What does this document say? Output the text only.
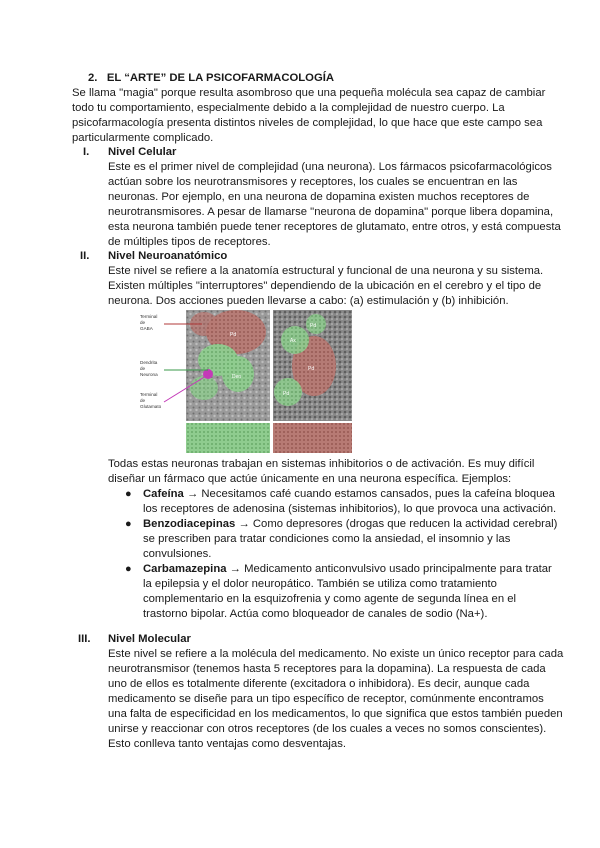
2. EL “ARTE” DE LA PSICOFARMACOLOGÍA
Se llama "magia" porque resulta asombroso que una pequeña molécula sea capaz de cambiar
todo tu comportamiento, especialmente debido a la complejidad de nuestro cuerpo. La
psicofarmacología presenta distintos niveles de complejidad, lo que hace que este campo sea
particularmente complicado.
I. Nivel Celular
Este es el primer nivel de complejidad (una neurona). Los fármacos psicofarmacológicos
actúan sobre los neurotransmisores y receptores, los cuales se encuentran en las
neuronas. Por ejemplo, en una neurona de dopamina existen muchos receptores de
neurotransmisores. A pesar de llamarse "neurona de dopamina" porque libera dopamina,
esta neurona también puede tener receptores de glutamato, entre otros, y está compuesta
de múltiples tipos de receptores.
II. Nivel Neuroanatómico
Este nivel se refiere a la anatomía estructural y funcional de una neurona y su sistema.
Existen múltiples "interruptores" dependiendo de la ubicación en el cerebro y el tipo de
neurona. Dos acciones pueden llevarse a cabo: (a) estimulación y (b) inhibición.
Terminal
de
GABA
Dendrita
de
Neurona
Terminal
de
Glutamato
Pd
Pd
Den
Ax
Pd
Pd
Todas estas neuronas trabajan en sistemas inhibitorios o de activación. Es muy difícil
diseñar un fármaco que actúe únicamente en una neurona específica. Ejemplos:
● Cafeína → Necesitamos café cuando estamos cansados, pues la cafeína bloquea
los receptores de adenosina (sistemas inhibitorios), lo que provoca una activación.
● Benzodiacepinas → Como depresores (drogas que reducen la actividad cerebral)
se prescriben para tratar condiciones como la ansiedad, el insomnio y las
convulsiones.
● Carbamazepina → Medicamento anticonvulsivo usado principalmente para tratar
la epilepsia y el dolor neuropático. También se utiliza como tratamiento
complementario en la esquizofrenia y como agente de segunda línea en el
trastorno bipolar. Actúa como bloqueador de canales de sodio (Na+).
III. Nivel Molecular
Este nivel se refiere a la molécula del medicamento. No existe un único receptor para cada
neurotransmisor (tenemos hasta 5 receptores para la dopamina). La respuesta de cada
uno de ellos es totalmente diferente (excitadora o inhibidora). Es decir, aunque cada
medicamento se diseñe para un tipo específico de receptor, comúnmente encontramos
una falta de especificidad en los medicamentos, lo que significa que estos también pueden
unirse y reaccionar con otros receptores (de los cuales a veces no somos conscientes).
Esto conlleva tanto ventajas como desventajas.
